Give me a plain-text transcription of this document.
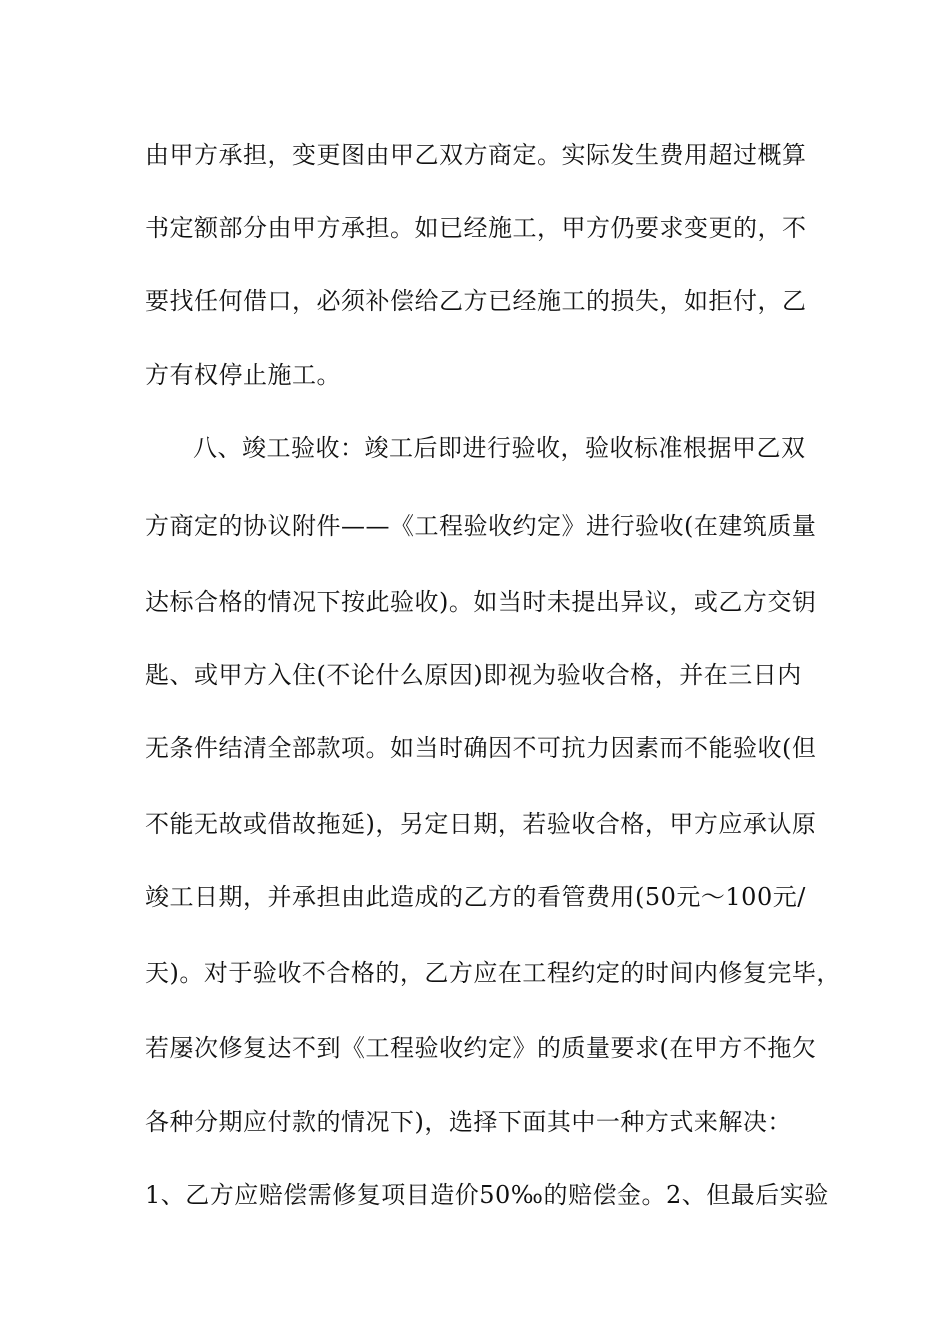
由甲方承担，变更图由甲乙双方商定。实际发生费用超过概算
书定额部分由甲方承担。如已经施工，甲方仍要求变更的，不
要找任何借口，必须补偿给乙方已经施工的损失，如拒付，乙
方有权停止施工。
八、竣工验收：竣工后即进行验收，验收标准根据甲乙双
方商定的协议附件——《工程验收约定》进行验收(在建筑质量
达标合格的情况下按此验收)。如当时未提出异议，或乙方交钥
匙、或甲方入住(不论什么原因)即视为验收合格，并在三日内
无条件结清全部款项。如当时确因不可抗力因素而不能验收(但
不能无故或借故拖延)，另定日期，若验收合格，甲方应承认原
竣工日期，并承担由此造成的乙方的看管费用(50元～100元/
天)。对于验收不合格的，乙方应在工程约定的时间内修复完毕，
若屡次修复达不到《工程验收约定》的质量要求(在甲方不拖欠
各种分期应付款的情况下)，选择下面其中一种方式来解决：
1、乙方应赔偿需修复项目造价50‰的赔偿金。2、但最后实验
